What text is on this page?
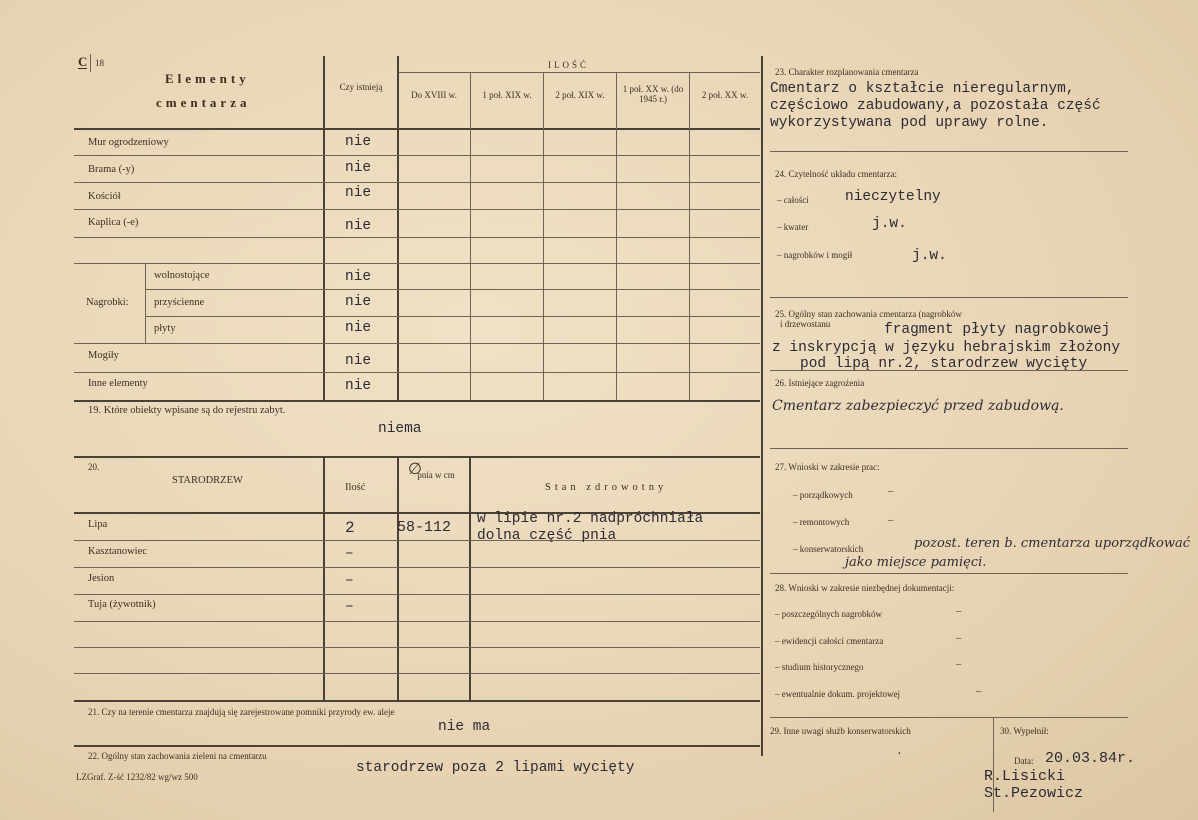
C 18
Elementy
cmentarza
Czy istnieją
ILOŚĆ
Do XVIII w.	1 poł. XIX w.	2 poł. XIX w.
1 poł. XX w. (do 1945 r.)	2 poł. XX w.
Mur ogrodzeniowy	nie
Brama (-y)	nie
Kościół	nie
Kaplica (-e)	nie
Nagrobki:
wolnostojące	nie
przyścienne	nie
płyty	nie
Mogiły	nie
Inne elementy	nie
19. Które obiekty wpisane są do rejestru zabyt.
niema
20.
STARODRZEW
Ilość
∅
pnia w cm
Stan zdrowotny
Lipa	2	58-112
Kasztanowiec	–
Jesion	–
Tuja (żywotnik)	–
w lipie nr.2 nadpróchniała
dolna część pnia
21. Czy na terenie cmentarza znajdują się zarejestrowane pomniki przyrody ew. aleje
nie ma
22. Ogólny stan zachowania zieleni na cmentarzu
starodrzew poza 2 lipami wycięty
LZGraf. Z-ść 1232/82 wg/wz 500
23. Charakter rozplanowania cmentarza
Cmentarz o kształcie nieregularnym,
częściowo zabudowany,a pozostała część
wykorzystywana pod uprawy rolne.
24. Czytelność układu cmentarza:
– całości	nieczytelny
– kwater	j.w.
– nagrobków i mogił	j.w.
25. Ogólny stan zachowania cmentarza (nagrobków
i drzewostanu	fragment płyty nagrobkowej
z inskrypcją w języku hebrajskim złożony
pod lipą nr.2, starodrzew wycięty
26. Istniejące zagrożenia
Cmentarz zabezpieczyć przed zabudową.
27. Wnioski w zakresie prac:
– porządkowych	–
– remontowych	–
– konserwatorskich	pozost. teren b. cmentarza uporządkować
jako miejsce pamięci.
28. Wnioski w zakresie niezbędnej dokumentacji:
– poszczególnych nagrobków	–
– ewidencji całości cmentarza	–
– studium historycznego	–
– ewentualnie dokum. projektowej	–
29. Inne uwagi służb konserwatorskich
.
30. Wypełnił:
Data: 20.03.84r.
R.Lisicki
St.Pezowicz
